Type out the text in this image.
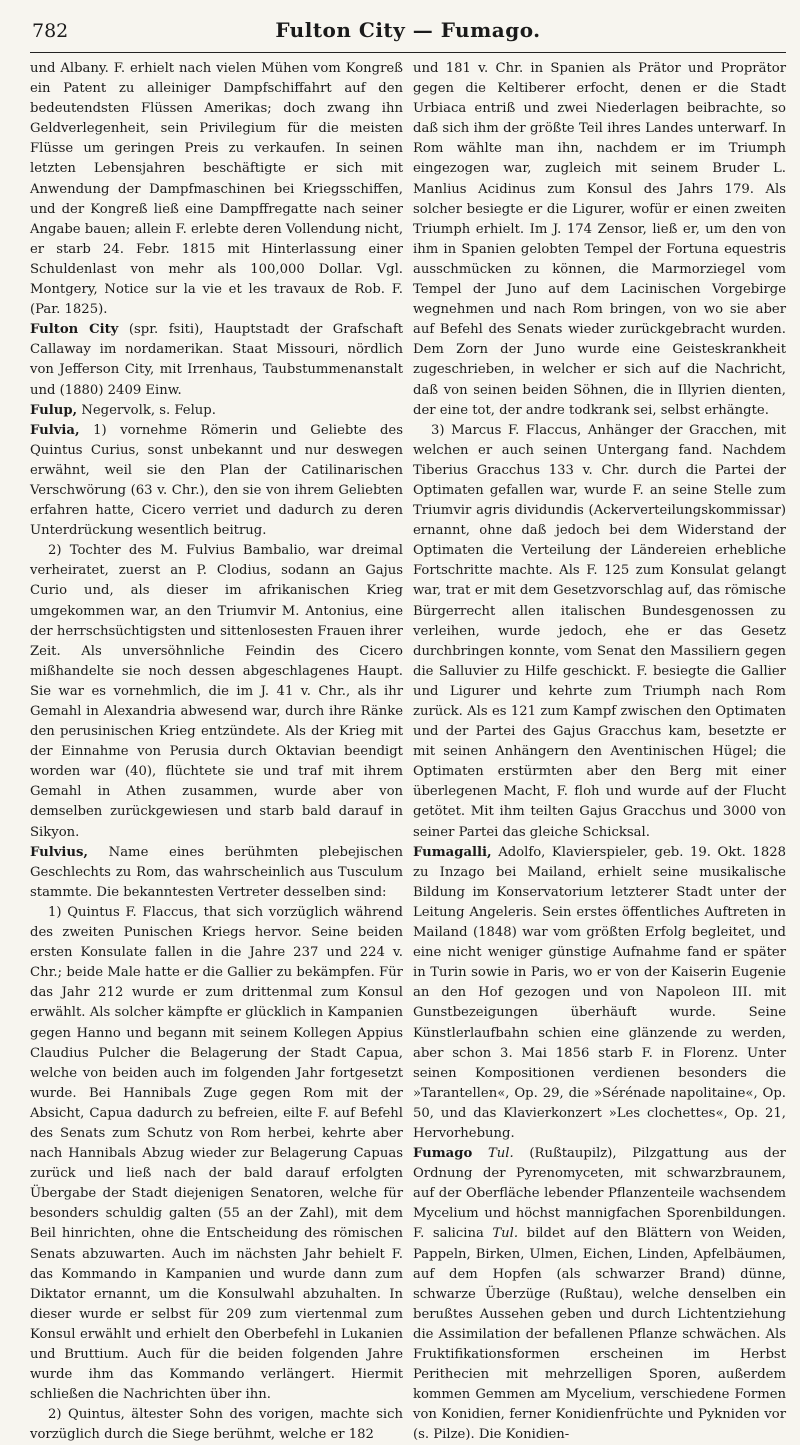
782	Fulton City — Fumago.

und Albany. F. erhielt nach vielen Mühen vom Kongreß ein Patent zu alleiniger Dampfschiffahrt auf den bedeutendsten Flüssen Amerikas; doch zwang ihn Geldverlegenheit, sein Privilegium für die meisten Flüsse um geringen Preis zu verkaufen. In seinen letzten Lebensjahren beschäftigte er sich mit Anwendung der Dampfmaschinen bei Kriegsschiffen, und der Kongreß ließ eine Dampffregatte nach seiner Angabe bauen; allein F. erlebte deren Vollendung nicht, er starb 24. Febr. 1815 mit Hinterlassung einer Schuldenlast von mehr als 100,000 Dollar. Vgl. Montgery, Notice sur la vie et les travaux de Rob. F. (Par. 1825).

Fulton City (spr. fsiti), Hauptstadt der Grafschaft Callaway im nordamerikan. Staat Missouri, nördlich von Jefferson City, mit Irrenhaus, Taubstummenanstalt und (1880) 2409 Einw.

Fulup, Negervolk, s. Felup.

Fulvia, 1) vornehme Römerin und Geliebte des Quintus Curius, sonst unbekannt und nur deswegen erwähnt, weil sie den Plan der Catilinarischen Verschwörung (63 v. Chr.), den sie von ihrem Geliebten erfahren hatte, Cicero verriet und dadurch zu deren Unterdrückung wesentlich beitrug.

2) Tochter des M. Fulvius Bambalio, war dreimal verheiratet, zuerst an P. Clodius, sodann an Gajus Curio und, als dieser im afrikanischen Krieg umgekommen war, an den Triumvir M. Antonius, eine der herrschsüchtigsten und sittenlosesten Frauen ihrer Zeit. Als unversöhnliche Feindin des Cicero mißhandelte sie noch dessen abgeschlagenes Haupt. Sie war es vornehmlich, die im J. 41 v. Chr., als ihr Gemahl in Alexandria abwesend war, durch ihre Ränke den perusinischen Krieg entzündete. Als der Krieg mit der Einnahme von Perusia durch Oktavian beendigt worden war (40), flüchtete sie und traf mit ihrem Gemahl in Athen zusammen, wurde aber von demselben zurückgewiesen und starb bald darauf in Sikyon.

Fulvius, Name eines berühmten plebejischen Geschlechts zu Rom, das wahrscheinlich aus Tusculum stammte. Die bekanntesten Vertreter desselben sind:

1) Quintus F. Flaccus, that sich vorzüglich während des zweiten Punischen Kriegs hervor. Seine beiden ersten Konsulate fallen in die Jahre 237 und 224 v. Chr.; beide Male hatte er die Gallier zu bekämpfen. Für das Jahr 212 wurde er zum drittenmal zum Konsul erwählt. Als solcher kämpfte er glücklich in Kampanien gegen Hanno und begann mit seinem Kollegen Appius Claudius Pulcher die Belagerung der Stadt Capua, welche von beiden auch im folgenden Jahr fortgesetzt wurde. Bei Hannibals Zuge gegen Rom mit der Absicht, Capua dadurch zu befreien, eilte F. auf Befehl des Senats zum Schutz von Rom herbei, kehrte aber nach Hannibals Abzug wieder zur Belagerung Capuas zurück und ließ nach der bald darauf erfolgten Übergabe der Stadt diejenigen Senatoren, welche für besonders schuldig galten (55 an der Zahl), mit dem Beil hinrichten, ohne die Entscheidung des römischen Senats abzuwarten. Auch im nächsten Jahr behielt F. das Kommando in Kampanien und wurde dann zum Diktator ernannt, um die Konsulwahl abzuhalten. In dieser wurde er selbst für 209 zum viertenmal zum Konsul erwählt und erhielt den Oberbefehl in Lukanien und Bruttium. Auch für die beiden folgenden Jahre wurde ihm das Kommando verlängert. Hiermit schließen die Nachrichten über ihn.

2) Quintus, ältester Sohn des vorigen, machte sich vorzüglich durch die Siege berühmt, welche er 182

und 181 v. Chr. in Spanien als Prätor und Proprätor gegen die Keltiberer erfocht, denen er die Stadt Urbiaca entriß und zwei Niederlagen beibrachte, so daß sich ihm der größte Teil ihres Landes unterwarf. In Rom wählte man ihn, nachdem er im Triumph eingezogen war, zugleich mit seinem Bruder L. Manlius Acidinus zum Konsul des Jahrs 179. Als solcher besiegte er die Ligurer, wofür er einen zweiten Triumph erhielt. Im J. 174 Zensor, ließ er, um den von ihm in Spanien gelobten Tempel der Fortuna equestris ausschmücken zu können, die Marmorziegel vom Tempel der Juno auf dem Lacinischen Vorgebirge wegnehmen und nach Rom bringen, von wo sie aber auf Befehl des Senats wieder zurückgebracht wurden. Dem Zorn der Juno wurde eine Geisteskrankheit zugeschrieben, in welcher er sich auf die Nachricht, daß von seinen beiden Söhnen, die in Illyrien dienten, der eine tot, der andre todkrank sei, selbst erhängte.

3) Marcus F. Flaccus, Anhänger der Gracchen, mit welchen er auch seinen Untergang fand. Nachdem Tiberius Gracchus 133 v. Chr. durch die Partei der Optimaten gefallen war, wurde F. an seine Stelle zum Triumvir agris dividundis (Ackerverteilungskommissar) ernannt, ohne daß jedoch bei dem Widerstand der Optimaten die Verteilung der Ländereien erhebliche Fortschritte machte. Als F. 125 zum Konsulat gelangt war, trat er mit dem Gesetzvorschlag auf, das römische Bürgerrecht allen italischen Bundesgenossen zu verleihen, wurde jedoch, ehe er das Gesetz durchbringen konnte, vom Senat den Massiliern gegen die Salluvier zu Hilfe geschickt. F. besiegte die Gallier und Ligurer und kehrte zum Triumph nach Rom zurück. Als es 121 zum Kampf zwischen den Optimaten und der Partei des Gajus Gracchus kam, besetzte er mit seinen Anhängern den Aventinischen Hügel; die Optimaten erstürmten aber den Berg mit einer überlegenen Macht, F. floh und wurde auf der Flucht getötet. Mit ihm teilten Gajus Gracchus und 3000 von seiner Partei das gleiche Schicksal.

Fumagalli, Adolfo, Klavierspieler, geb. 19. Okt. 1828 zu Inzago bei Mailand, erhielt seine musikalische Bildung im Konservatorium letzterer Stadt unter der Leitung Angeleris. Sein erstes öffentliches Auftreten in Mailand (1848) war vom größten Erfolg begleitet, und eine nicht weniger günstige Aufnahme fand er später in Turin sowie in Paris, wo er von der Kaiserin Eugenie an den Hof gezogen und von Napoleon III. mit Gunstbezeigungen überhäuft wurde. Seine Künstlerlaufbahn schien eine glänzende zu werden, aber schon 3. Mai 1856 starb F. in Florenz. Unter seinen Kompositionen verdienen besonders die »Tarantellen«, Op. 29, die »Sérénade napolitaine«, Op. 50, und das Klavierkonzert »Les clochettes«, Op. 21, Hervorhebung.

Fumago Tul. (Rußtaupilz), Pilzgattung aus der Ordnung der Pyrenomyceten, mit schwarzbraunem, auf der Oberfläche lebender Pflanzenteile wachsendem Mycelium und höchst mannigfachen Sporenbildungen. F. salicina Tul. bildet auf den Blättern von Weiden, Pappeln, Birken, Ulmen, Eichen, Linden, Apfelbäumen, auf dem Hopfen (als schwarzer Brand) dünne, schwarze Überzüge (Rußtau), welche denselben ein berußtes Aussehen geben und durch Lichtentziehung die Assimilation der befallenen Pflanze schwächen. Als Fruktifikationsformen erscheinen im Herbst Perithecien mit mehrzelligen Sporen, außerdem kommen Gemmen am Mycelium, verschiedene Formen von Konidien, ferner Konidienfrüchte und Pykniden vor (s. Pilze). Die Konidien-
